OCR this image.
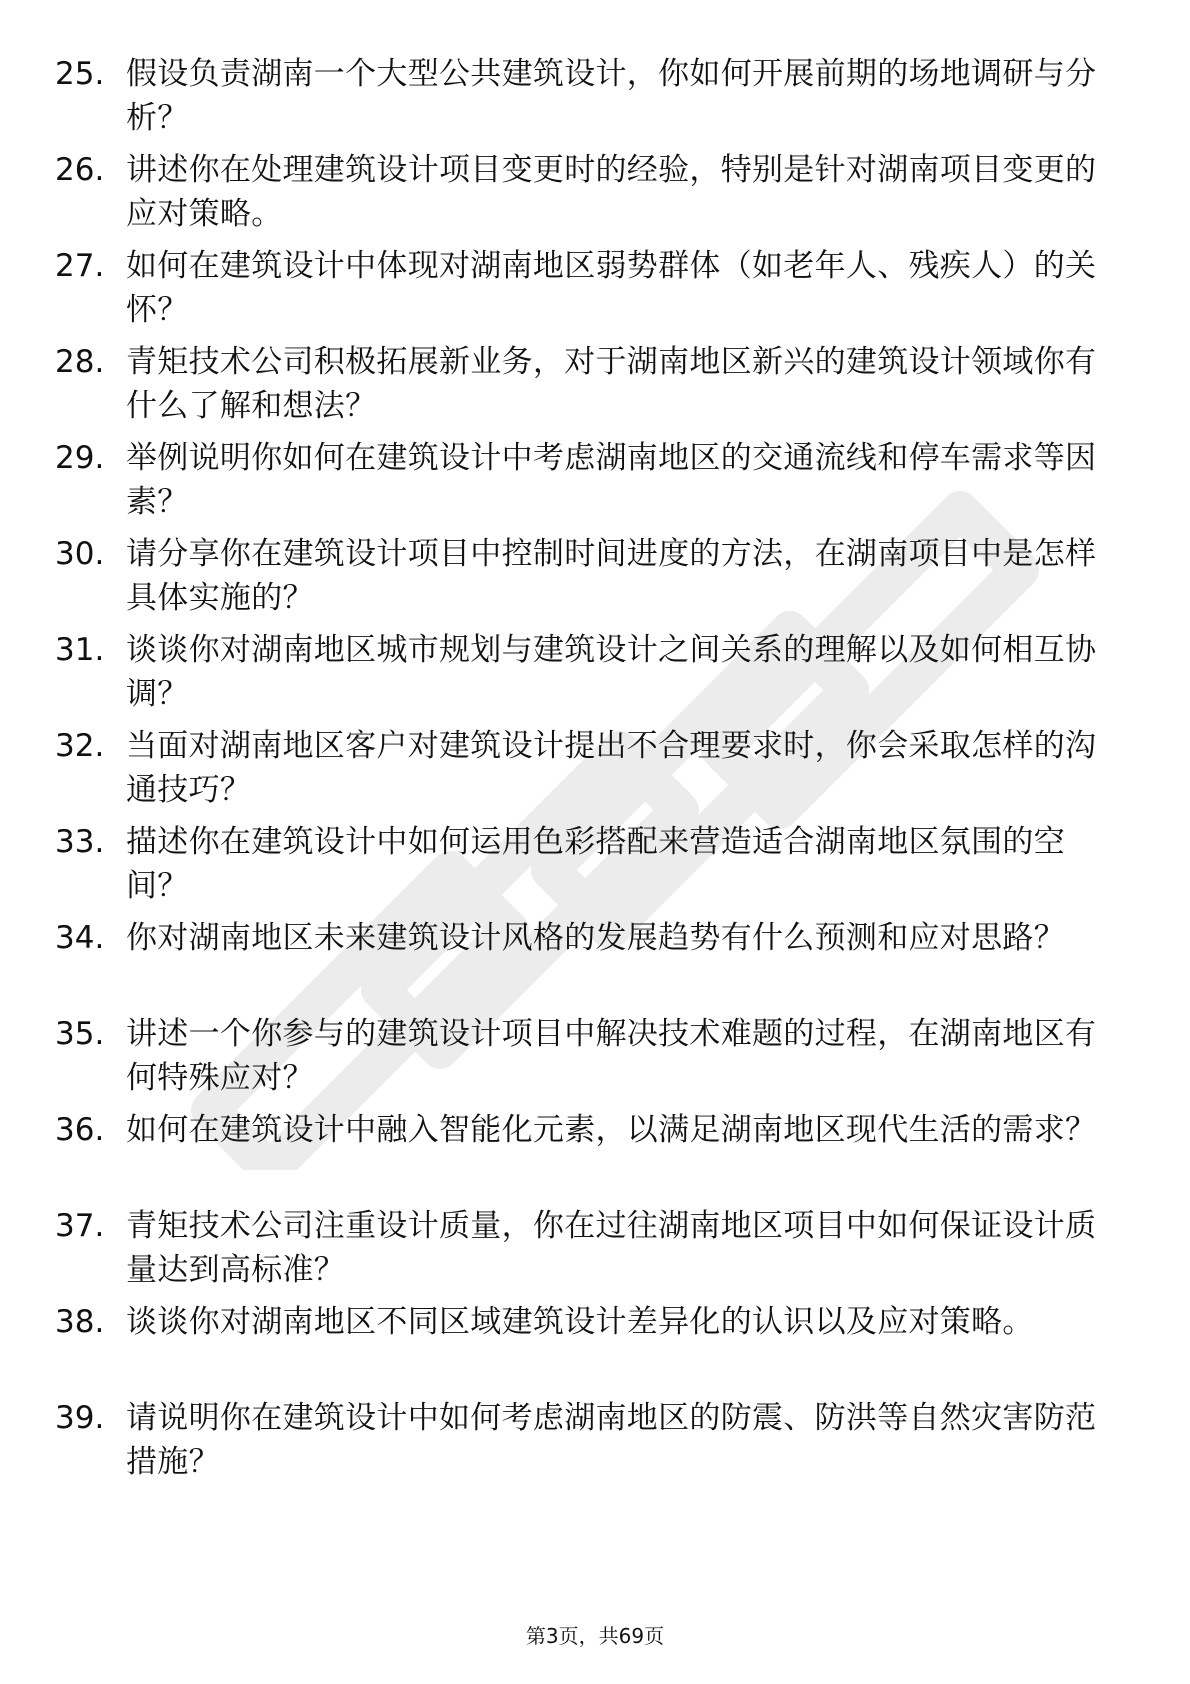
25. 假设负责湖南一个大型公共建筑设计，你如何开展前期的场地调研与分析？
26. 讲述你在处理建筑设计项目变更时的经验，特别是针对湖南项目变更的应对策略。
27. 如何在建筑设计中体现对湖南地区弱势群体（如老年人、残疾人）的关怀？
28. 青矩技术公司积极拓展新业务，对于湖南地区新兴的建筑设计领域你有什么了解和想法？
29. 举例说明你如何在建筑设计中考虑湖南地区的交通流线和停车需求等因素？
30. 请分享你在建筑设计项目中控制时间进度的方法，在湖南项目中是怎样具体实施的？
31. 谈谈你对湖南地区城市规划与建筑设计之间关系的理解以及如何相互协调？
32. 当面对湖南地区客户对建筑设计提出不合理要求时，你会采取怎样的沟通技巧？
33. 描述你在建筑设计中如何运用色彩搭配来营造适合湖南地区氛围的空间？
34. 你对湖南地区未来建筑设计风格的发展趋势有什么预测和应对思路？
35. 讲述一个你参与的建筑设计项目中解决技术难题的过程，在湖南地区有何特殊应对？
36. 如何在建筑设计中融入智能化元素，以满足湖南地区现代生活的需求？
37. 青矩技术公司注重设计质量，你在过往湖南地区项目中如何保证设计质量达到高标准？
38. 谈谈你对湖南地区不同区域建筑设计差异化的认识以及应对策略。
39. 请说明你在建筑设计中如何考虑湖南地区的防震、防洪等自然灾害防范措施？
第3页，共69页
